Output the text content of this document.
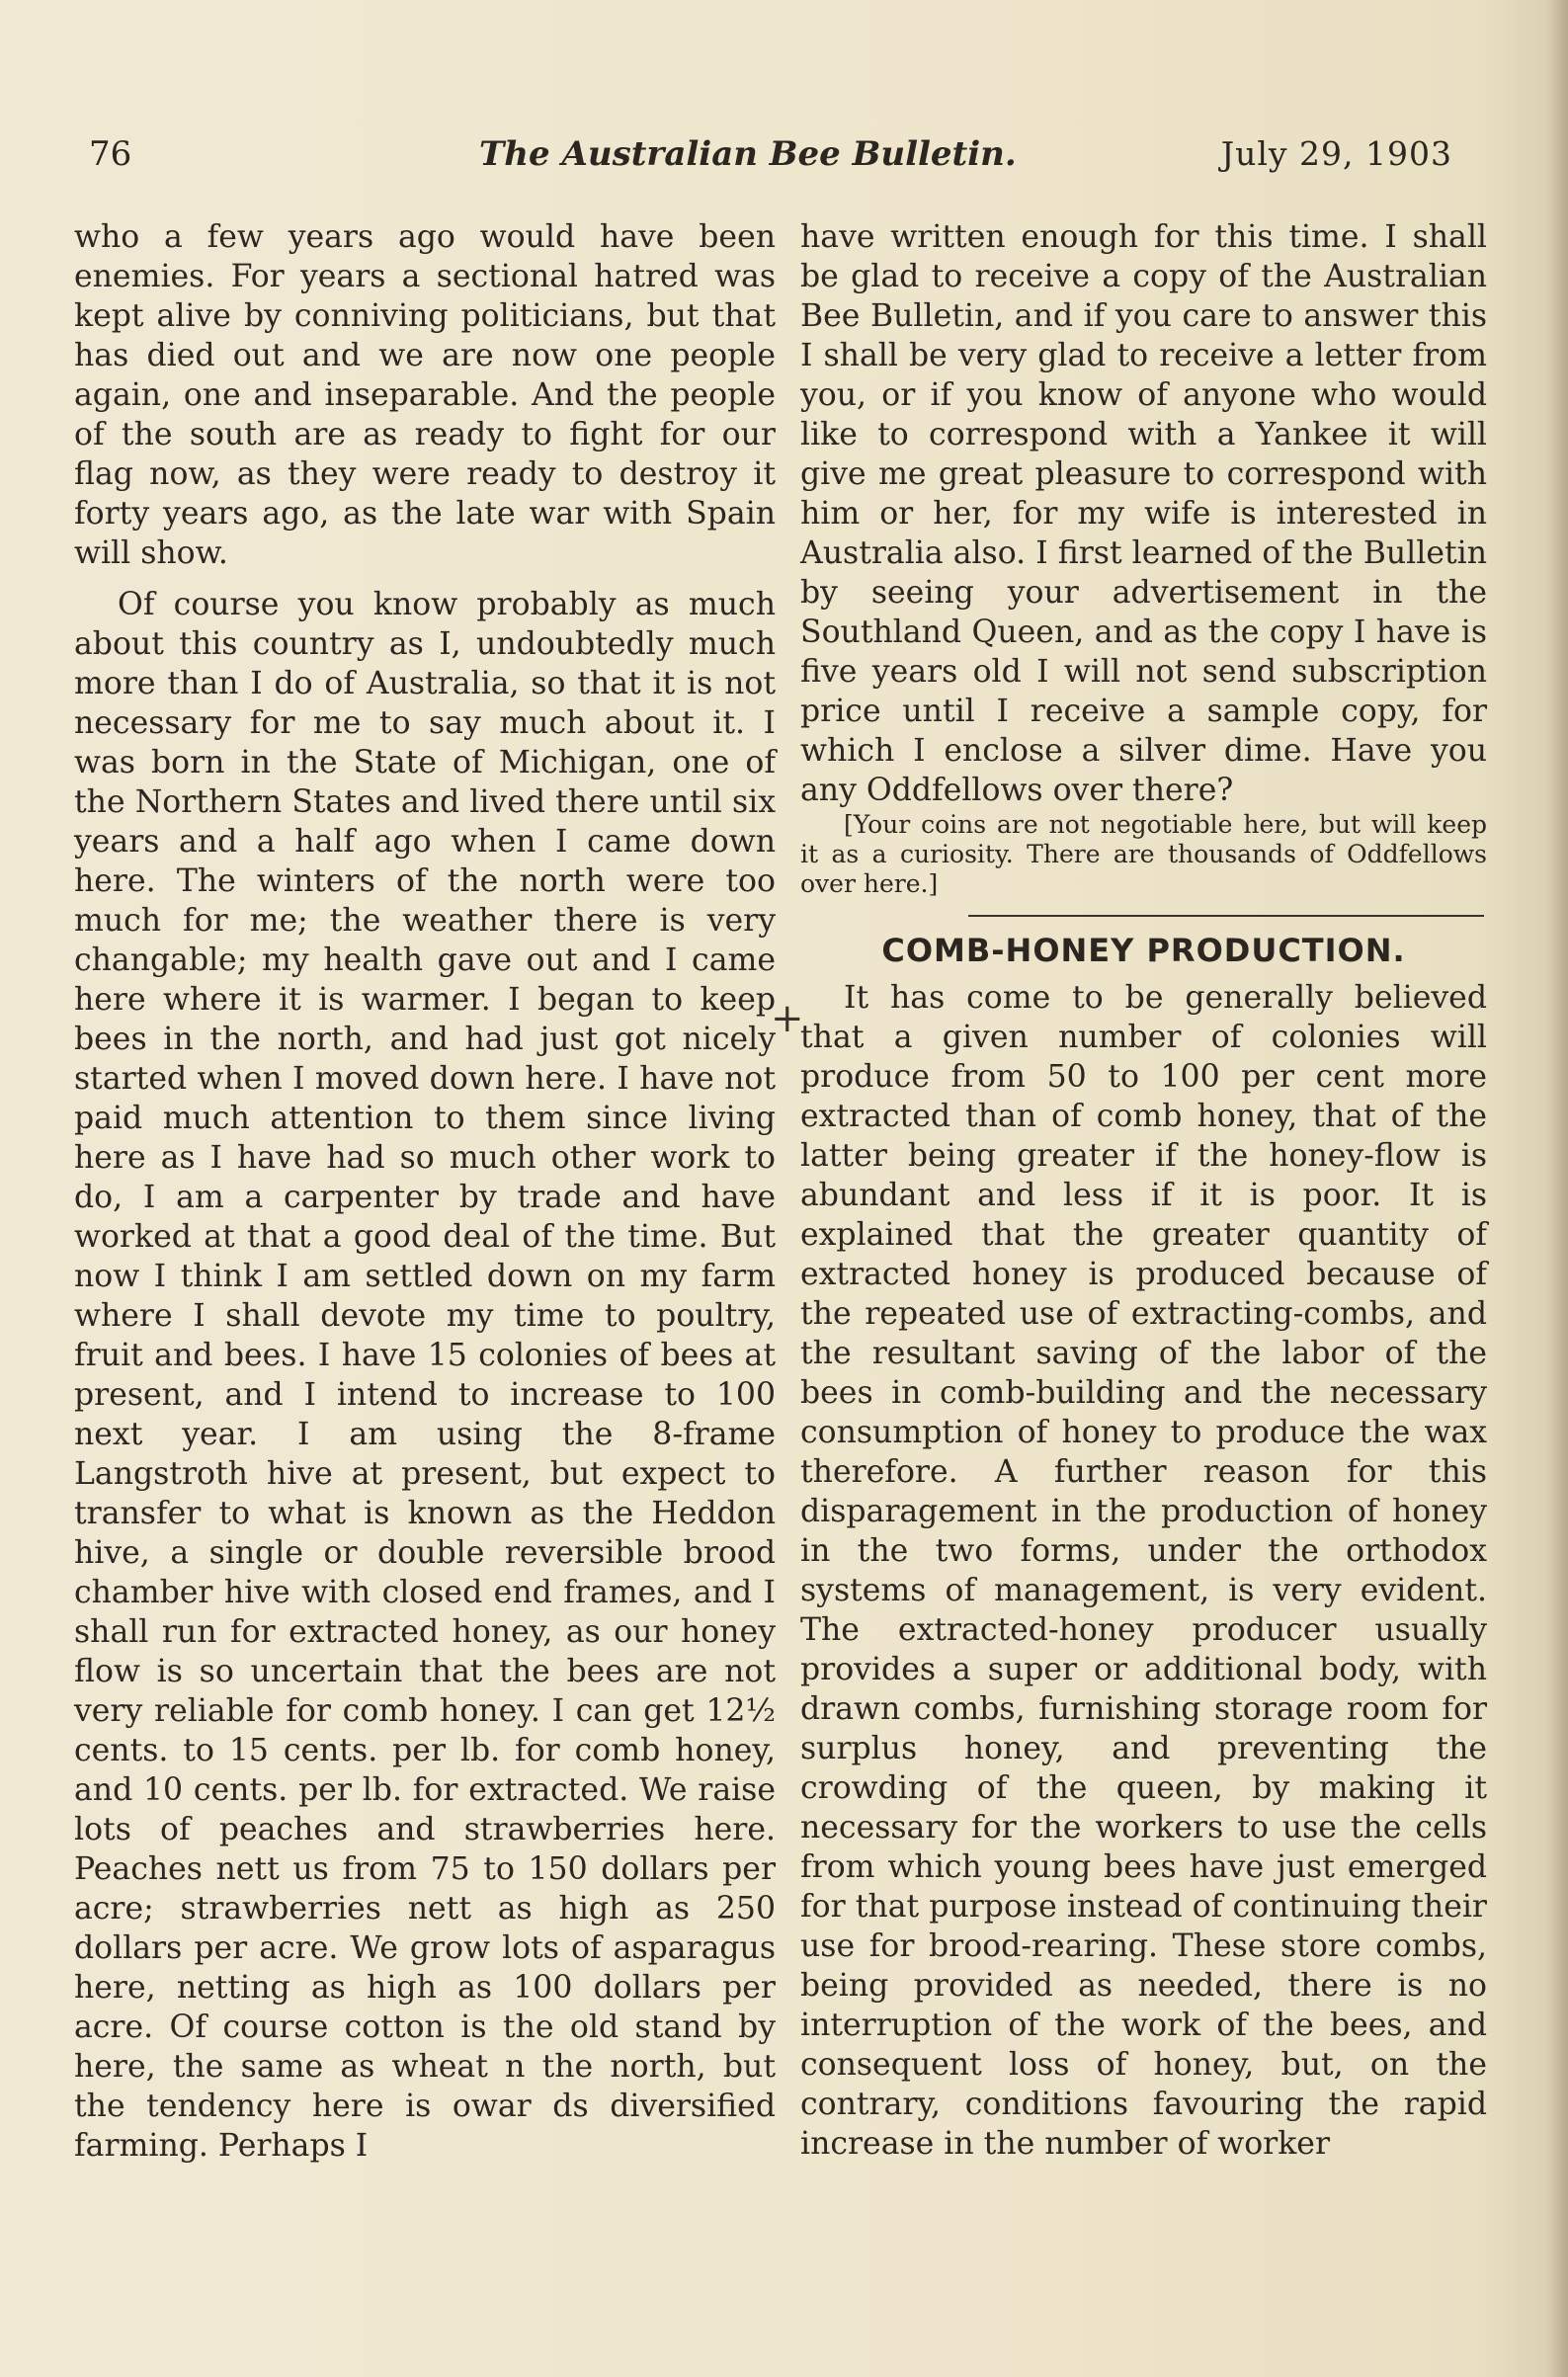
76	The Australian Bee Bulletin.	July 29, 1903

who a few years ago would have been enemies. For years a sectional hatred was kept alive by conniving politicians, but that has died out and we are now one people again, one and inseparable. And the people of the south are as ready to fight for our flag now, as they were ready to destroy it forty years ago, as the late war with Spain will show.

Of course you know probably as much about this country as I, undoubtedly much more than I do of Australia, so that it is not necessary for me to say much about it. I was born in the State of Michigan, one of the Northern States and lived there until six years and a half ago when I came down here. The winters of the north were too much for me; the weather there is very changable; my health gave out and I came here where it is warmer. I began to keep bees in the north, and had just got nicely started when I moved down here. I have not paid much attention to them since living here as I have had so much other work to do, I am a carpenter by trade and have worked at that a good deal of the time. But now I think I am settled down on my farm where I shall devote my time to poultry, fruit and bees. I have 15 colonies of bees at present, and I intend to increase to 100 next year. I am using the 8-frame Langstroth hive at present, but expect to transfer to what is known as the Heddon hive, a single or double reversible brood chamber hive with closed end frames, and I shall run for extracted honey, as our honey flow is so uncertain that the bees are not very reliable for comb honey. I can get 12½ cents. to 15 cents. per lb. for comb honey, and 10 cents. per lb. for extracted. We raise lots of peaches and strawberries here. Peaches nett us from 75 to 150 dollars per acre; strawberries nett as high as 250 dollars per acre. We grow lots of asparagus here, netting as high as 100 dollars per acre. Of course cotton is the old stand by here, the same as wheat n the north, but the tendency here is owar ds diversified farming. Perhaps I

+

have written enough for this time. I shall be glad to receive a copy of the Australian Bee Bulletin, and if you care to answer this I shall be very glad to receive a letter from you, or if you know of anyone who would like to correspond with a Yankee it will give me great pleasure to correspond with him or her, for my wife is interested in Australia also. I first learned of the Bulletin by seeing your advertisement in the Southland Queen, and as the copy I have is five years old I will not send subscription price until I receive a sample copy, for which I enclose a silver dime. Have you any Oddfellows over there?

[Your coins are not negotiable here, but will keep it as a curiosity. There are thousands of Oddfellows over here.]

COMB-HONEY PRODUCTION.

It has come to be generally believed that a given number of colonies will produce from 50 to 100 per cent more extracted than of comb honey, that of the latter being greater if the honey-flow is abundant and less if it is poor. It is explained that the greater quantity of extracted honey is produced because of the repeated use of extracting-combs, and the resultant saving of the labor of the bees in comb-building and the necessary consumption of honey to produce the wax therefore. A further reason for this disparagement in the production of honey in the two forms, under the orthodox systems of management, is very evident. The extracted-honey producer usually provides a super or additional body, with drawn combs, furnishing storage room for surplus honey, and preventing the crowding of the queen, by making it necessary for the workers to use the cells from which young bees have just emerged for that purpose instead of continuing their use for brood-rearing. These store combs, being provided as needed, there is no interruption of the work of the bees, and consequent loss of honey, but, on the contrary, conditions favouring the rapid increase in the number of worker
